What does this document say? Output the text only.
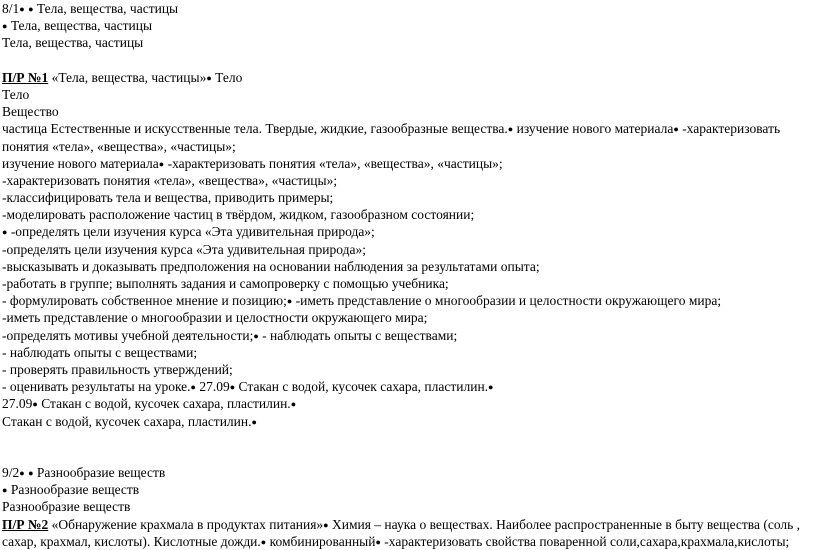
8/1● ● Тела, вещества, частицы
● Тела, вещества, частицы
Тела, вещества, частицы
П/Р №1 «Тела, вещества, частицы»● Тело
Тело
Вещество
частица Естественные и искусственные тела. Твердые, жидкие, газообразные вещества.● изучение нового материала● -характеризовать
понятия «тела», «вещества», «частицы»;
изучение нового материала● -характеризовать понятия «тела», «вещества», «частицы»;
-характеризовать понятия «тела», «вещества», «частицы»;
-классифицировать тела и вещества, приводить примеры;
-моделировать расположение частиц в твёрдом, жидком, газообразном состоянии;
● -определять цели изучения курса «Эта удивительная природа»;
-определять цели изучения курса «Эта удивительная природа»;
-высказывать и доказывать предположения на основании наблюдения за результатами опыта;
-работать в группе; выполнять задания и самопроверку с помощью учебника;
- формулировать собственное мнение и позицию;● -иметь представление о многообразии и целостности окружающего мира;
-иметь представление о многообразии и целостности окружающего мира;
-определять мотивы учебной деятельности;● - наблюдать опыты с веществами;
- наблюдать опыты с веществами;
- проверять правильность утверждений;
- оценивать результаты на уроке.● 27.09● Стакан с водой, кусочек сахара, пластилин.●
27.09● Стакан с водой, кусочек сахара, пластилин.●
Стакан с водой, кусочек сахара, пластилин.●
9/2● ● Разнообразие веществ
● Разнообразие веществ
Разнообразие веществ
П/Р №2 «Обнаружение крахмала в продуктах питания»● Химия – наука о веществах. Наиболее распространенные в быту вещества (соль ,
сахар, крахмал, кислоты). Кислотные дожди.● комбинированный● -характеризовать свойства поваренной соли,сахара,крахмала,кислоты;
